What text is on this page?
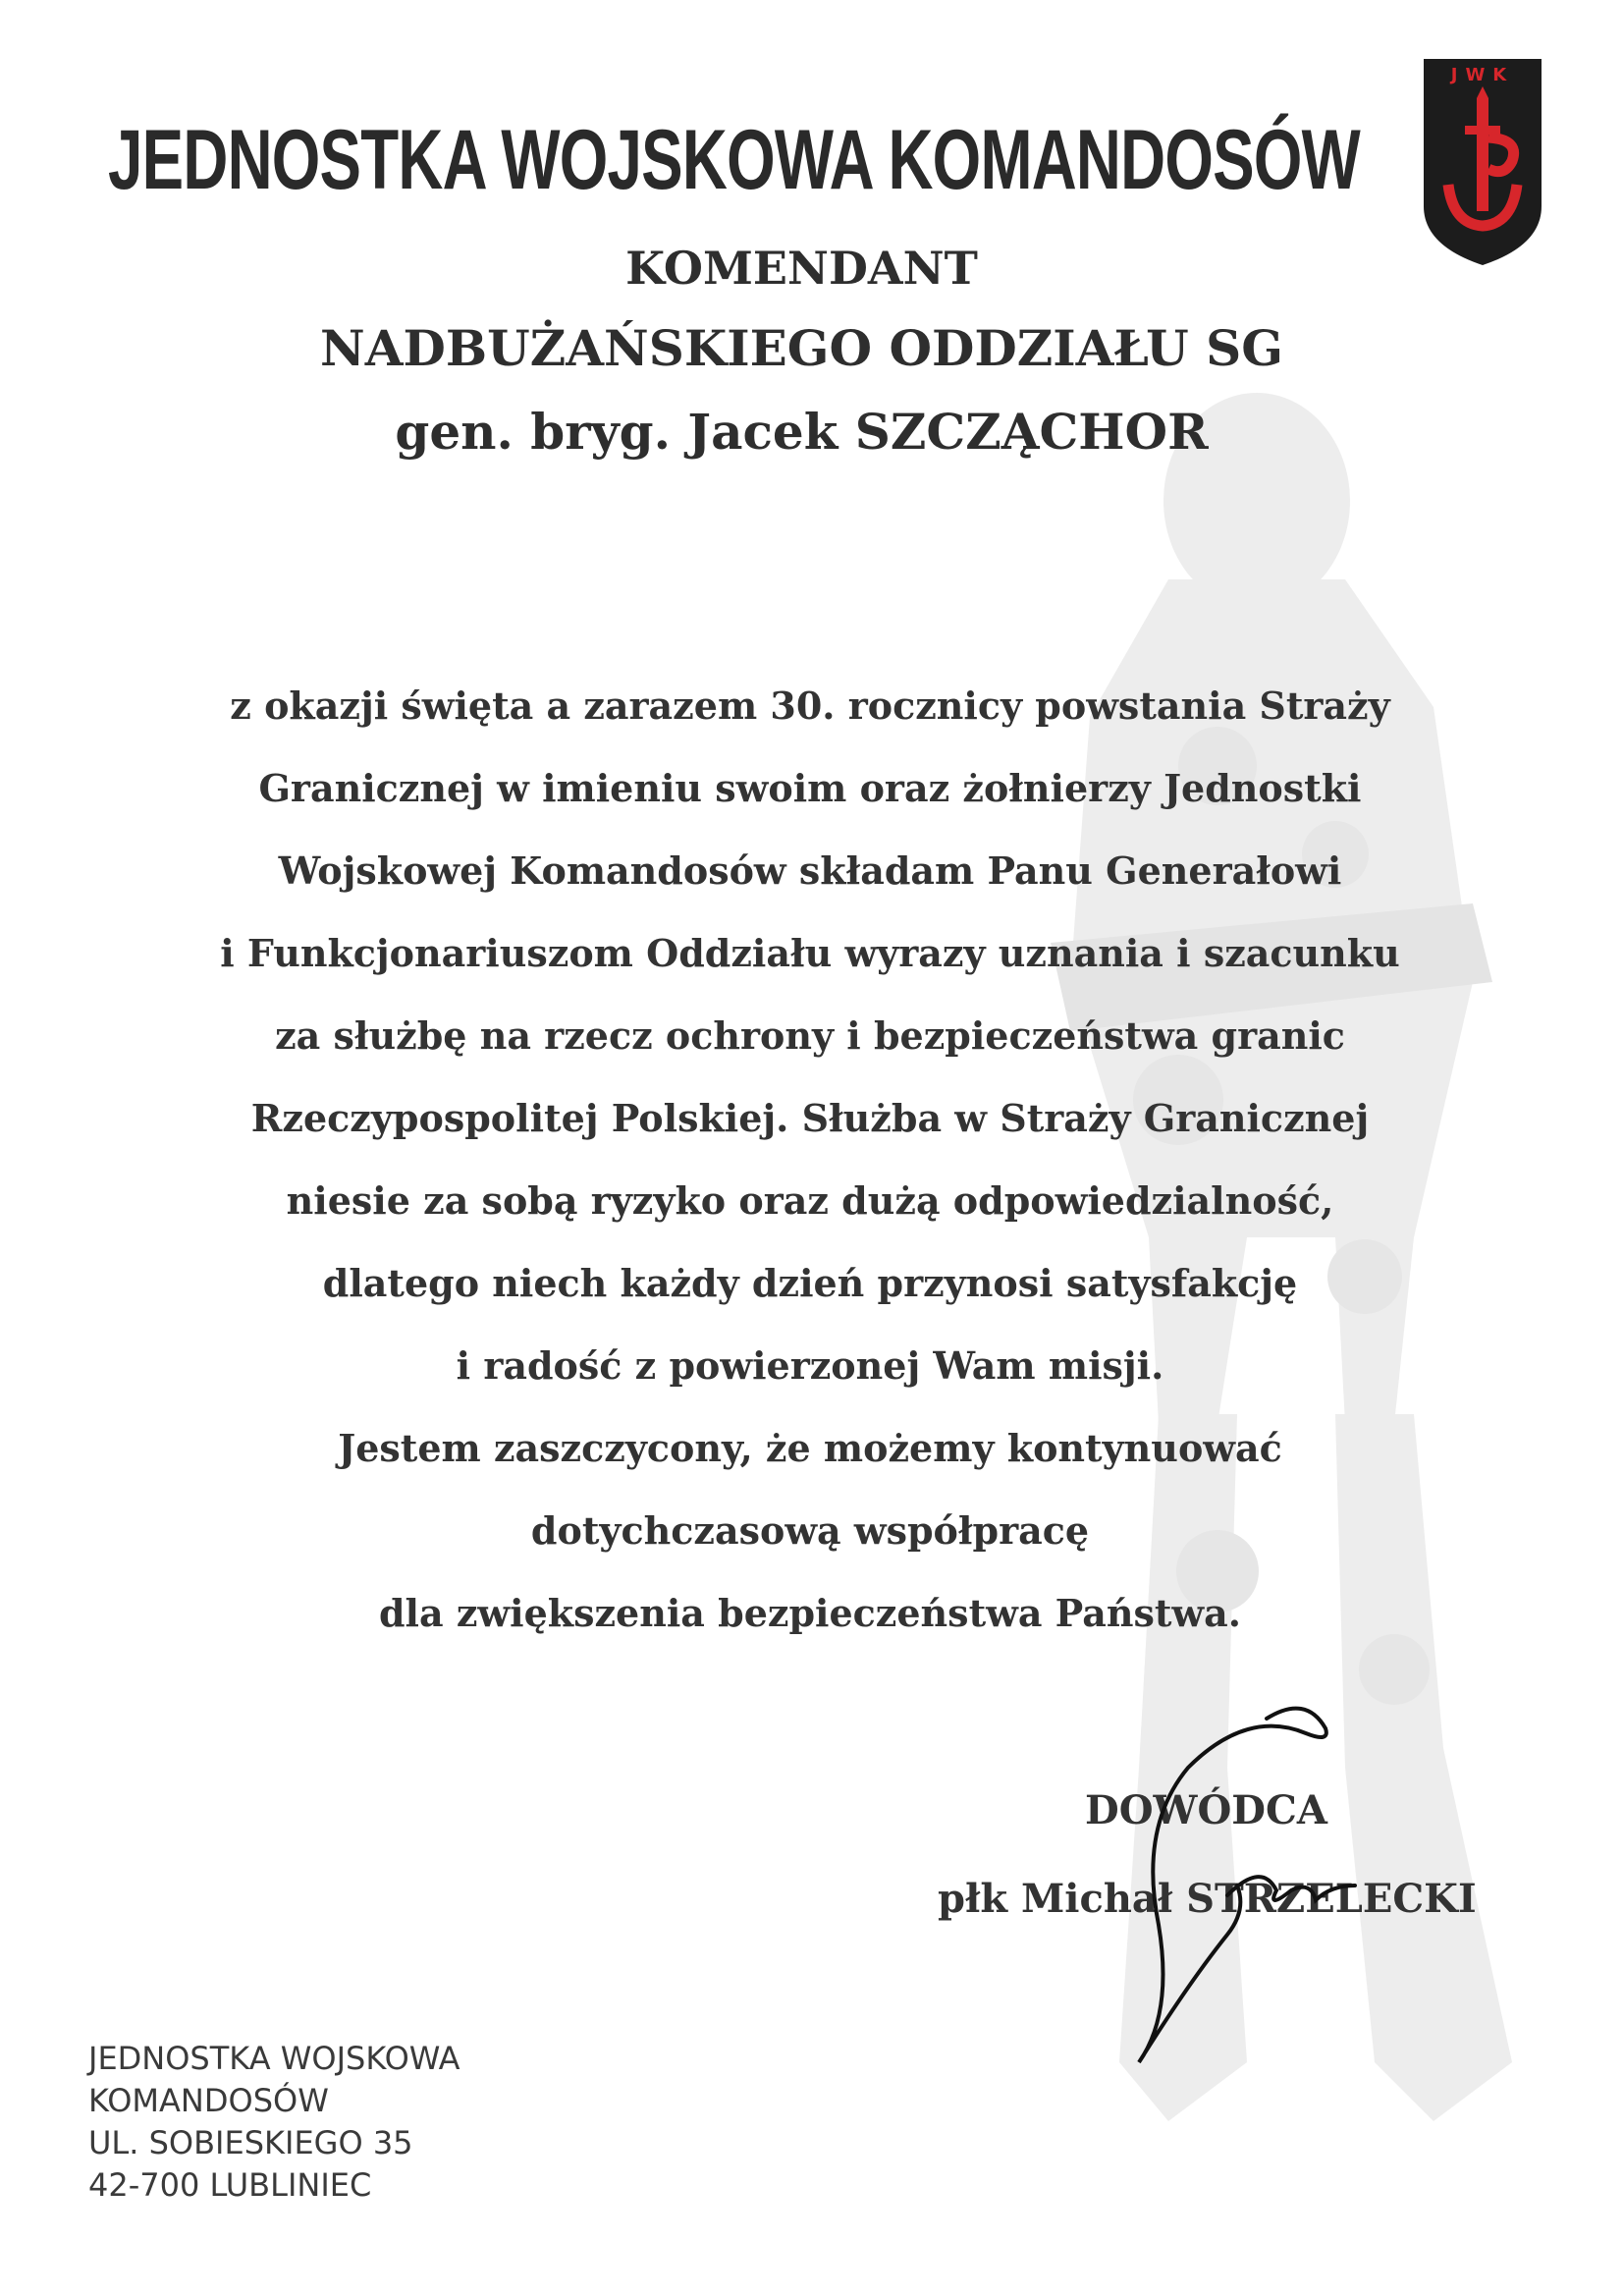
JEDNOSTKA WOJSKOWA KOMANDOSÓW
JWK
KOMENDANT
NADBUŻAŃSKIEGO ODDZIAŁU SG
gen. bryg. Jacek SZCZĄCHOR
z okazji święta a zarazem 30. rocznicy powstania Straży
Granicznej w imieniu swoim oraz żołnierzy Jednostki
Wojskowej Komandosów składam Panu Generałowi
i Funkcjonariuszom Oddziału wyrazy uznania i szacunku
za służbę na rzecz ochrony i bezpieczeństwa granic
Rzeczypospolitej Polskiej. Służba w Straży Granicznej
niesie za sobą ryzyko oraz dużą odpowiedzialność,
dlatego niech każdy dzień przynosi satysfakcję
i radość z powierzonej Wam misji.
Jestem zaszczycony, że możemy kontynuować
dotychczasową współpracę
dla zwiększenia bezpieczeństwa Państwa.
DOWÓDCA
płk Michał STRZELECKI
JEDNOSTKA WOJSKOWA
KOMANDOSÓW
UL. SOBIESKIEGO 35
42-700 LUBLINIEC
